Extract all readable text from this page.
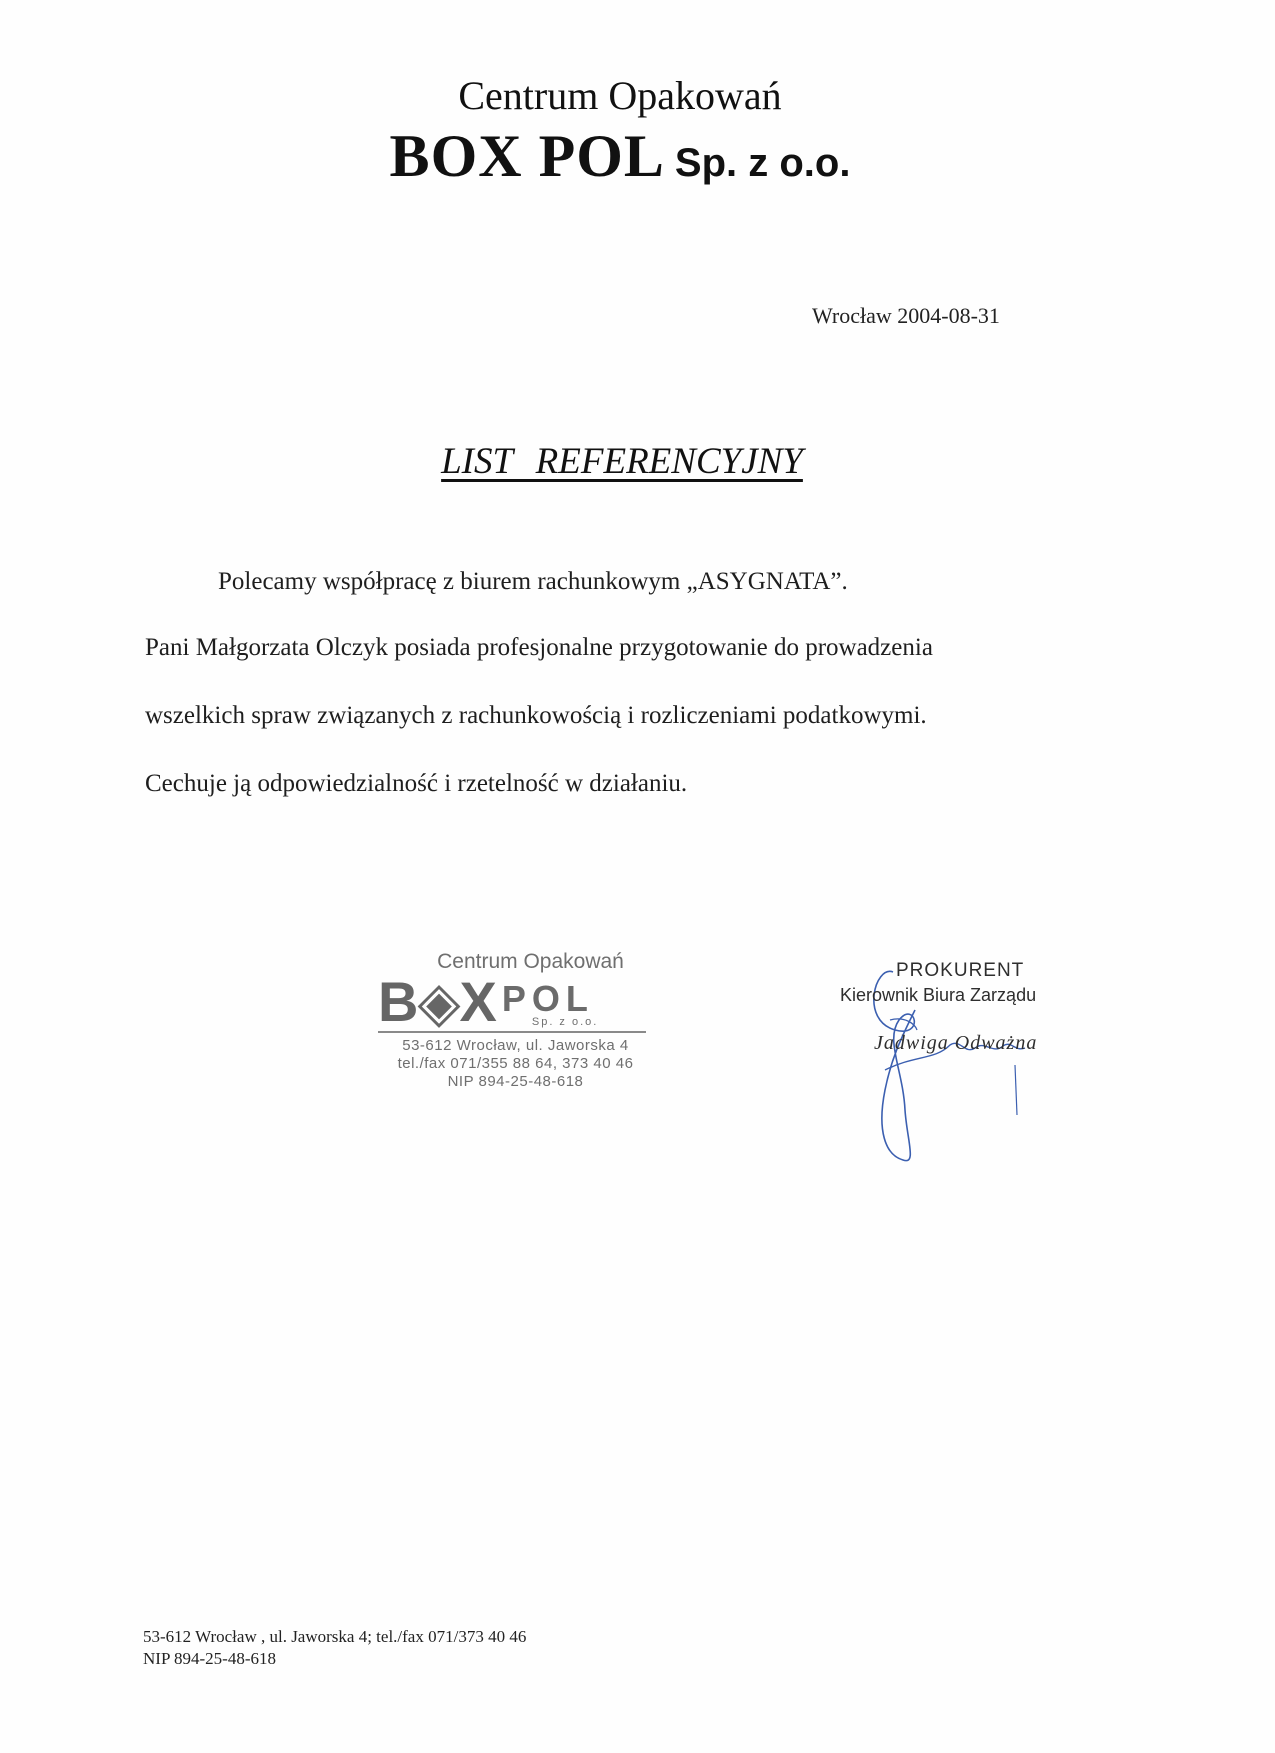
Centrum Opakowań
BOX POL Sp. z o.o.
Wrocław 2004-08-31
LIST REFERENCYJNY
Polecamy współpracę z biurem rachunkowym „ASYGNATA”.
Pani Małgorzata Olczyk posiada profesjonalne przygotowanie do prowadzenia
wszelkich spraw związanych z rachunkowością i rozliczeniami podatkowymi.
Cechuje ją odpowiedzialność i rzetelność w działaniu.
Centrum Opakowań
B◈X POL
Sp. z o.o.
53-612 Wrocław, ul. Jaworska 4
tel./fax 071/355 88 64, 373 40 46
NIP 894-25-48-618
PROKURENT
Kierownik Biura Zarządu
Jadwiga Odważna
53-612 Wrocław , ul. Jaworska 4; tel./fax 071/373 40 46
NIP 894-25-48-618
